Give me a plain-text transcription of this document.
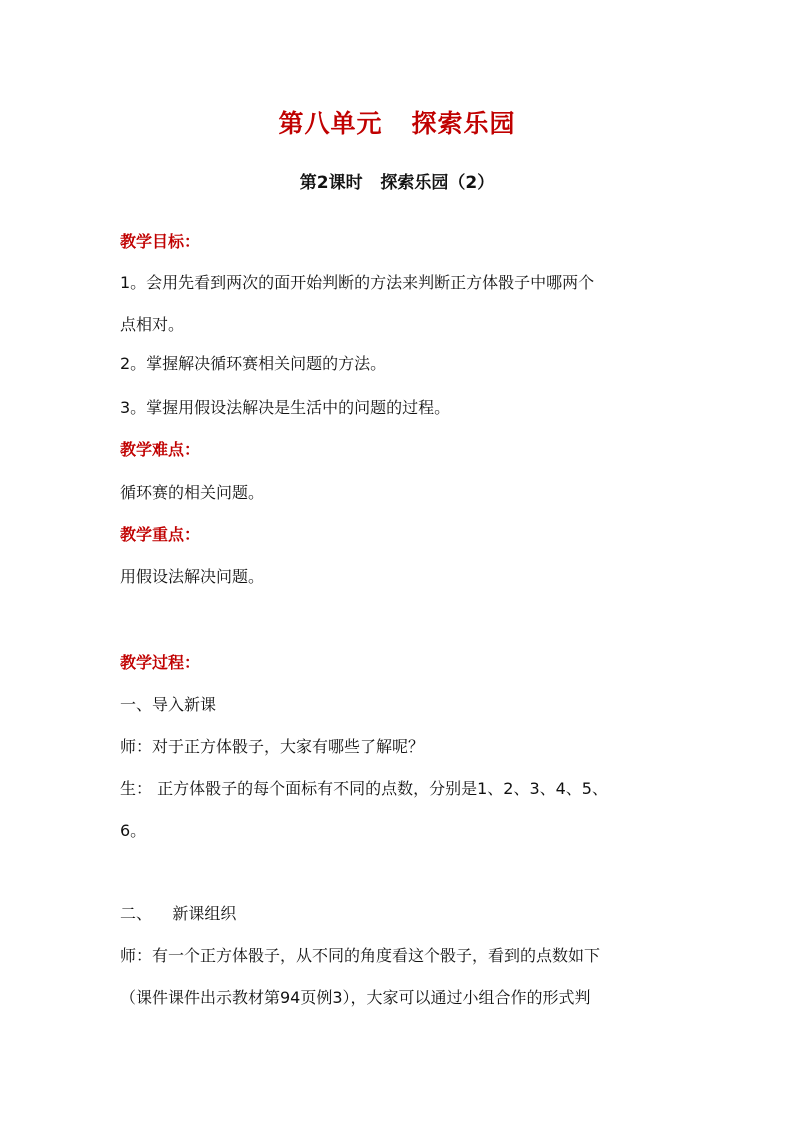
第八单元   探索乐园
第2课时   探索乐园（2）
教学目标：
1。会用先看到两次的面开始判断的方法来判断正方体骰子中哪两个
点相对。
2。掌握解决循环赛相关问题的方法。
3。掌握用假设法解决是生活中的问题的过程。
教学难点：
循环赛的相关问题。
教学重点：
用假设法解决问题。
教学过程：
一、导入新课
师：对于正方体骰子，大家有哪些了解呢？
生： 正方体骰子的每个面标有不同的点数，分别是1、2、3、4、5、
6。
二、    新课组织
师：有一个正方体骰子，从不同的角度看这个骰子，看到的点数如下
（课件课件出示教材第94页例3），大家可以通过小组合作的形式判
